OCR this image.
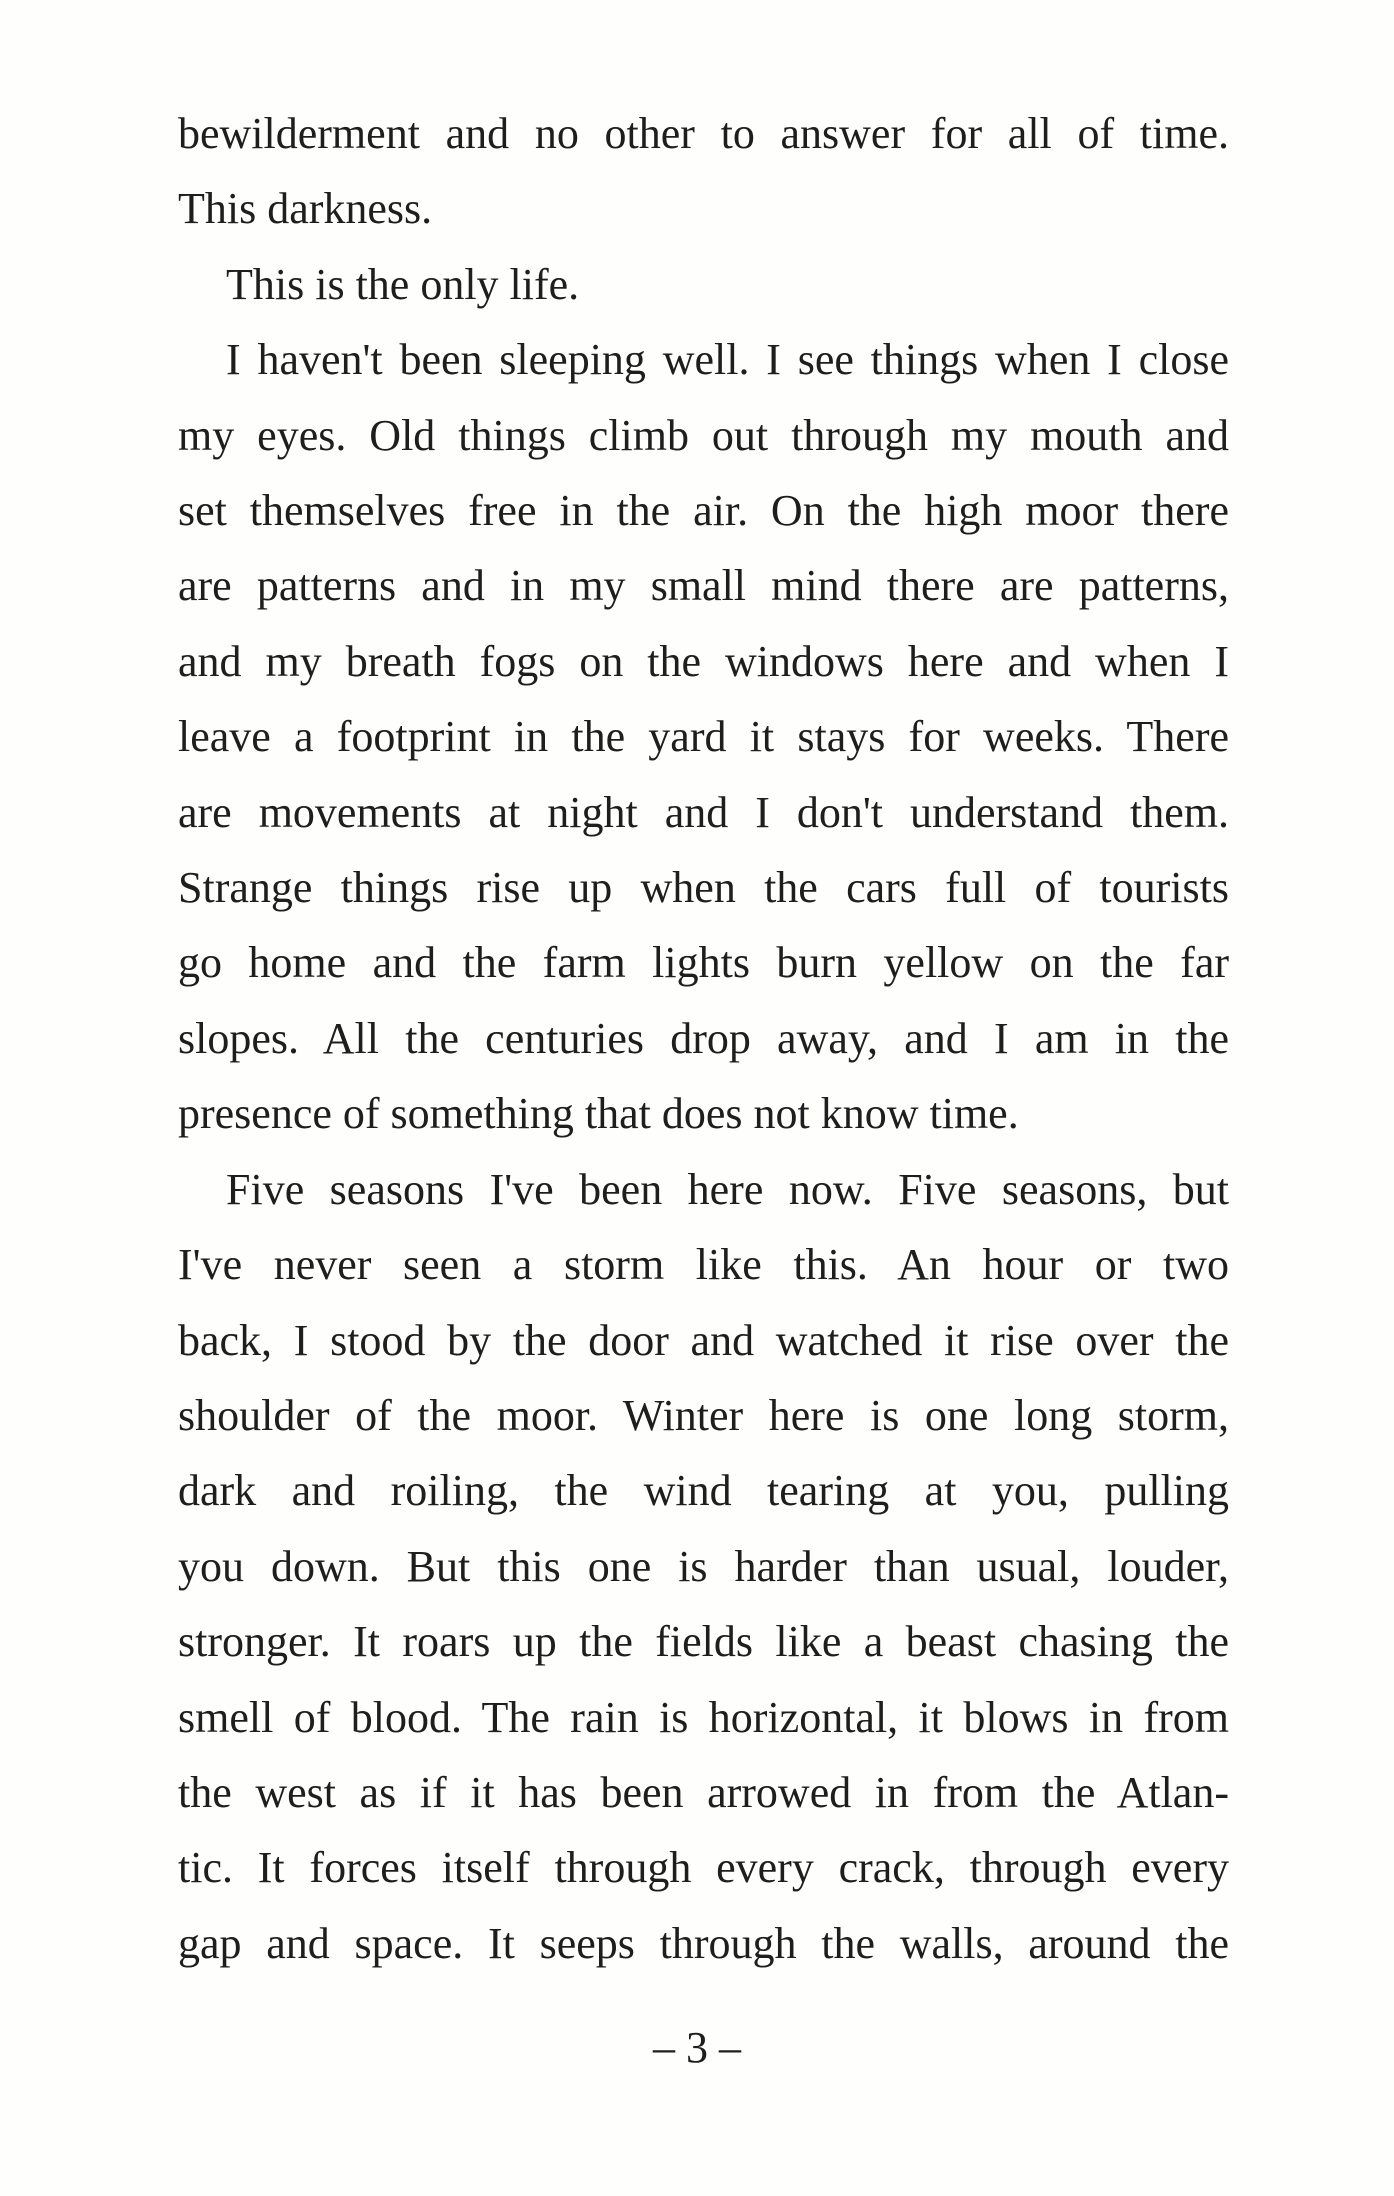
bewilderment and no other to answer for all of time.

This darkness.

This is the only life.

I haven't been sleeping well. I see things when I close

my eyes. Old things climb out through my mouth and

set themselves free in the air. On the high moor there

are patterns and in my small mind there are patterns,

and my breath fogs on the windows here and when I

leave a footprint in the yard it stays for weeks. There

are movements at night and I don't understand them.

Strange things rise up when the cars full of tourists

go home and the farm lights burn yellow on the far

slopes. All the centuries drop away, and I am in the

presence of something that does not know time.

Five seasons I've been here now. Five seasons, but

I've never seen a storm like this. An hour or two

back, I stood by the door and watched it rise over the

shoulder of the moor. Winter here is one long storm,

dark and roiling, the wind tearing at you, pulling

you down. But this one is harder than usual, louder,

stronger. It roars up the fields like a beast chasing the

smell of blood. The rain is horizontal, it blows in from

the west as if it has been arrowed in from the Atlan-

tic. It forces itself through every crack, through every

gap and space. It seeps through the walls, around the

– 3 –
